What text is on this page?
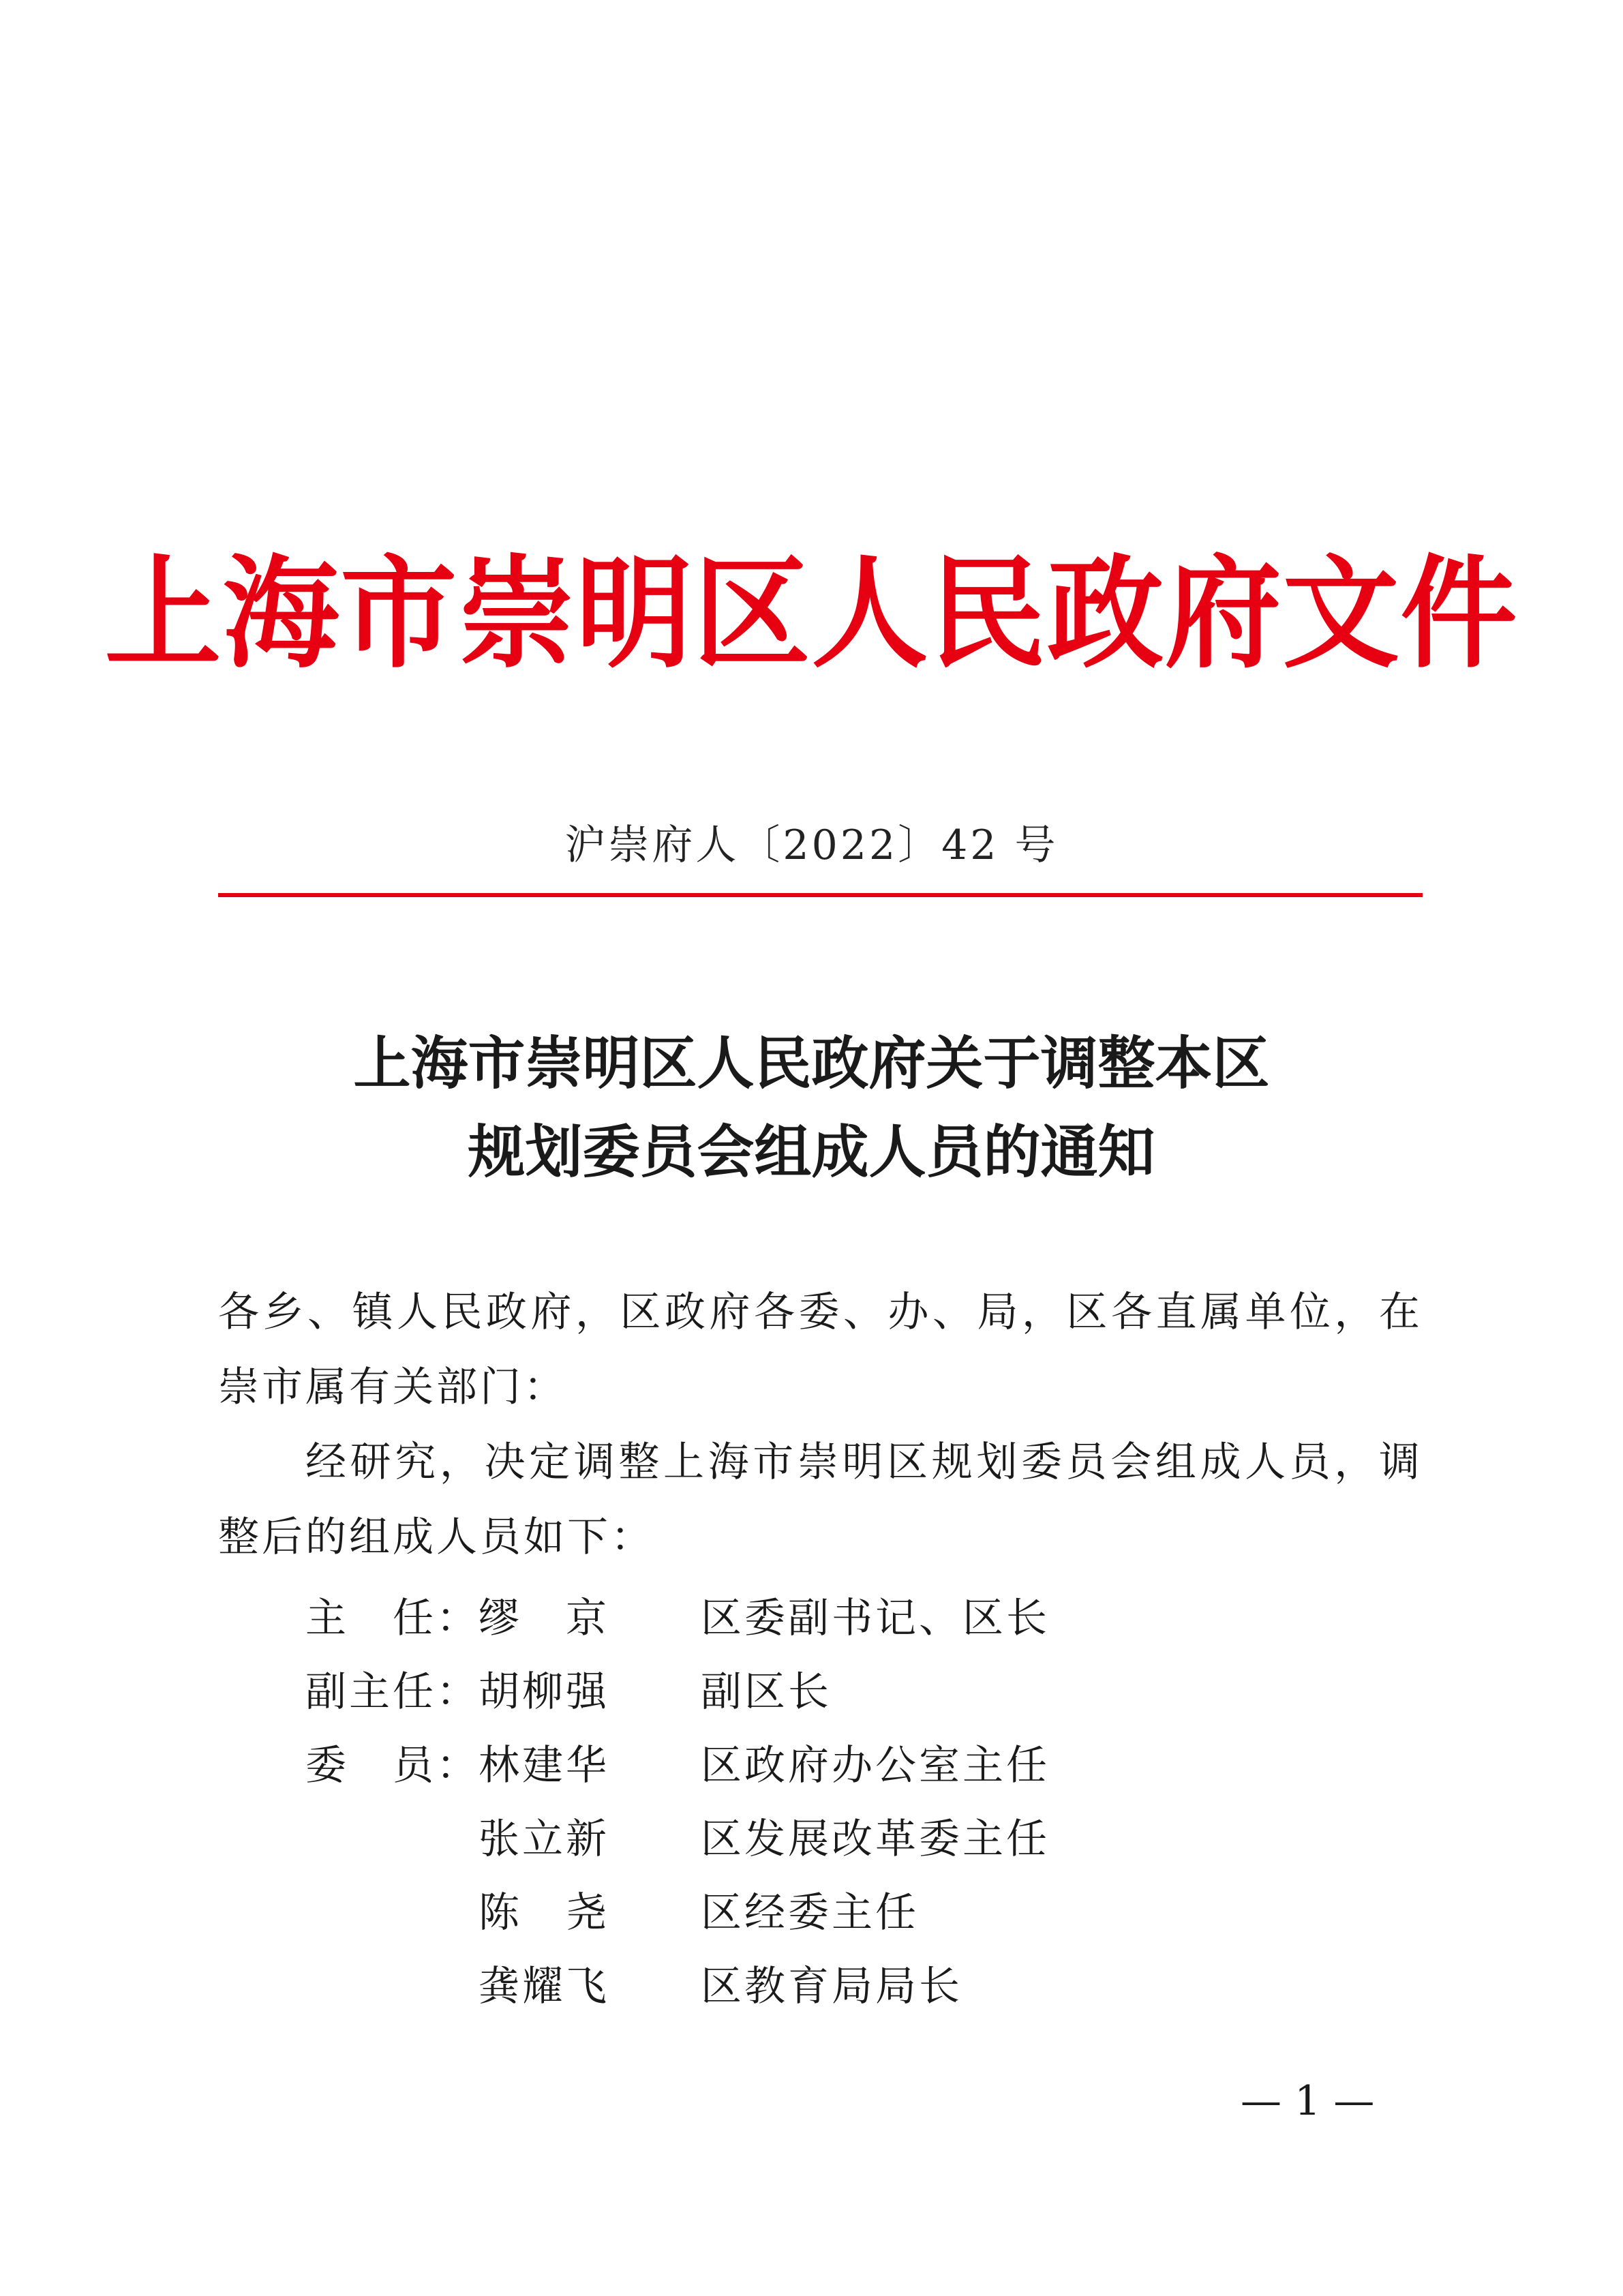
上海市崇明区人民政府文件
沪崇府人〔2022〕42 号
上海市崇明区人民政府关于调整本区
规划委员会组成人员的通知

各乡、镇人民政府，区政府各委、办、局，区各直属单位，在崇市属有关部门：

经研究，决定调整上海市崇明区规划委员会组成人员，调整后的组成人员如下：

主　任：
缪　京	区委副书记、区长
副主任：
胡柳强	副区长
委　员：
林建华	区政府办公室主任
张立新	区发展改革委主任
陈　尧	区经委主任
龚耀飞	区教育局局长
— 1 —
